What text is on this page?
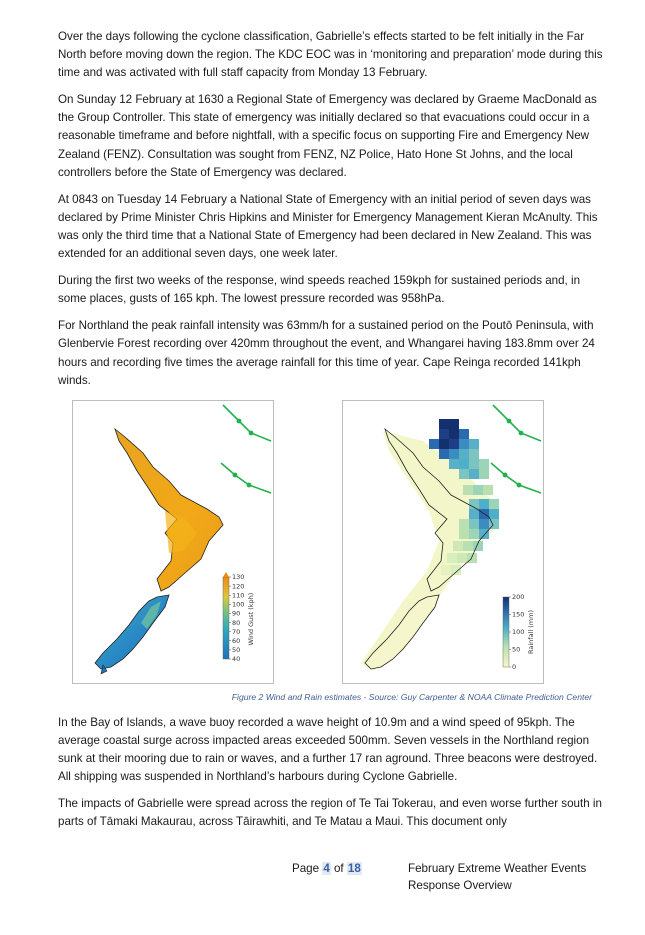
Over the days following the cyclone classification, Gabrielle’s effects started to be felt initially in the Far North before moving down the region. The KDC EOC was in ‘monitoring and preparation’ mode during this time and was activated with full staff capacity from Monday 13 February.

On Sunday 12 February at 1630 a Regional State of Emergency was declared by Graeme MacDonald as the Group Controller. This state of emergency was initially declared so that evacuations could occur in a reasonable timeframe and before nightfall, with a specific focus on supporting Fire and Emergency New Zealand (FENZ). Consultation was sought from FENZ, NZ Police, Hato Hone St Johns, and the local controllers before the State of Emergency was declared.

At 0843 on Tuesday 14 February a National State of Emergency with an initial period of seven days was declared by Prime Minister Chris Hipkins and Minister for Emergency Management Kieran McAnulty. This was only the third time that a National State of Emergency had been declared in New Zealand. This was extended for an additional seven days, one week later.

During the first two weeks of the response, wind speeds reached 159kph for sustained periods and, in some places, gusts of 165 kph. The lowest pressure recorded was 958hPa.

For Northland the peak rainfall intensity was 63mm/h for a sustained period on the Poutō Peninsula, with Glenbervie Forest recording over 420mm throughout the event, and Whangarei having 183.8mm over 24 hours and recording five times the average rainfall for this time of year. Cape Reinga recorded 141kph winds.

130
120
110
100
90
80
70
60
50
40
Wind Gust (kph)	200
150
100
50
0
Rainfall (mm)
Figure 2 Wind and Rain estimates - Source: Guy Carpenter & NOAA Climate Prediction Center

In the Bay of Islands, a wave buoy recorded a wave height of 10.9m and a wind speed of 95kph. The average coastal surge across impacted areas exceeded 500mm. Seven vessels in the Northland region sunk at their mooring due to rain or waves, and a further 17 ran aground. Three beacons were destroyed. All shipping was suspended in Northland’s harbours during Cyclone Gabrielle.

The impacts of Gabrielle were spread across the region of Te Tai Tokerau, and even worse further south in parts of Tāmaki Makaurau, across Tāirawhiti, and Te Matau a Maui. This document only

Page 4 of 18	February Extreme Weather Events
Response Overview
